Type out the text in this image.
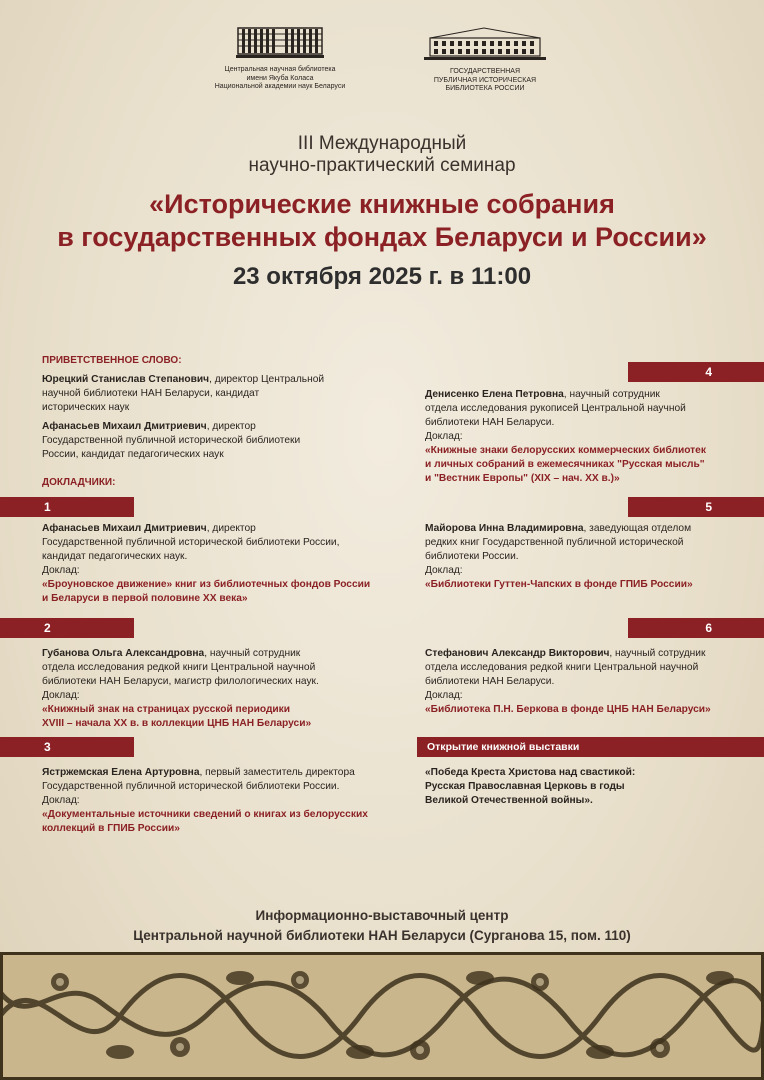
Центральная научная библиотека
имени Якуба Коласа
Национальной академии наук Беларуси
ГОСУДАРСТВЕННАЯ
ПУБЛИЧНАЯ ИСТОРИЧЕСКАЯ
БИБЛИОТЕКА РОССИИ
III Международный
научно-практический семинар
«Исторические книжные собрания
в государственных фондах Беларуси и России»
23 октября 2025 г. в 11:00
ПРИВЕТСТВЕННОЕ СЛОВО:
Юрецкий Станислав Степанович, директор Центральной
научной библиотеки НАН Беларуси, кандидат
исторических наук
Афанасьев Михаил Дмитриевич, директор
Государственной публичной исторической библиотеки
России, кандидат педагогических наук
ДОКЛАДЧИКИ:
1
Афанасьев Михаил Дмитриевич, директор
Государственной публичной исторической библиотеки России,
кандидат педагогических наук.
Доклад:
«Броуновское движение» книг из библиотечных фондов России
и Беларуси в первой половине XX века»
2
Губанова Ольга Александровна, научный сотрудник
отдела исследования редкой книги Центральной научной
библиотеки НАН Беларуси, магистр филологических наук.
Доклад:
«Книжный знак на страницах русской периодики
XVIII – начала XX в. в коллекции ЦНБ НАН Беларуси»
3
Ястржемская Елена Артуровна, первый заместитель директора
Государственной публичной исторической библиотеки России.
Доклад:
«Документальные источники сведений о книгах из белорусских
коллекций в ГПИБ России»
4
Денисенко Елена Петровна, научный сотрудник
отдела исследования рукописей Центральной научной
библиотеки НАН Беларуси.
Доклад:
«Книжные знаки белорусских коммерческих библиотек
и личных собраний в ежемесячниках "Русская мысль"
и "Вестник Европы" (XIX – нач. XX в.)»
5
Майорова Инна Владимировна, заведующая отделом
редких книг Государственной публичной исторической
библиотеки России.
Доклад:
«Библиотеки Гуттен-Чапских в фонде ГПИБ России»
6
Стефанович Александр Викторович, научный сотрудник
отдела исследования редкой книги Центральной научной
библиотеки НАН Беларуси.
Доклад:
«Библиотека П.Н. Беркова в фонде ЦНБ НАН Беларуси»
Открытие книжной выставки
«Победа Креста Христова над свастикой:
Русская Православная Церковь в годы
Великой Отечественной войны».
Информационно-выставочный центр
Центральной научной библиотеки НАН Беларуси (Сурганова 15, пом. 110)
